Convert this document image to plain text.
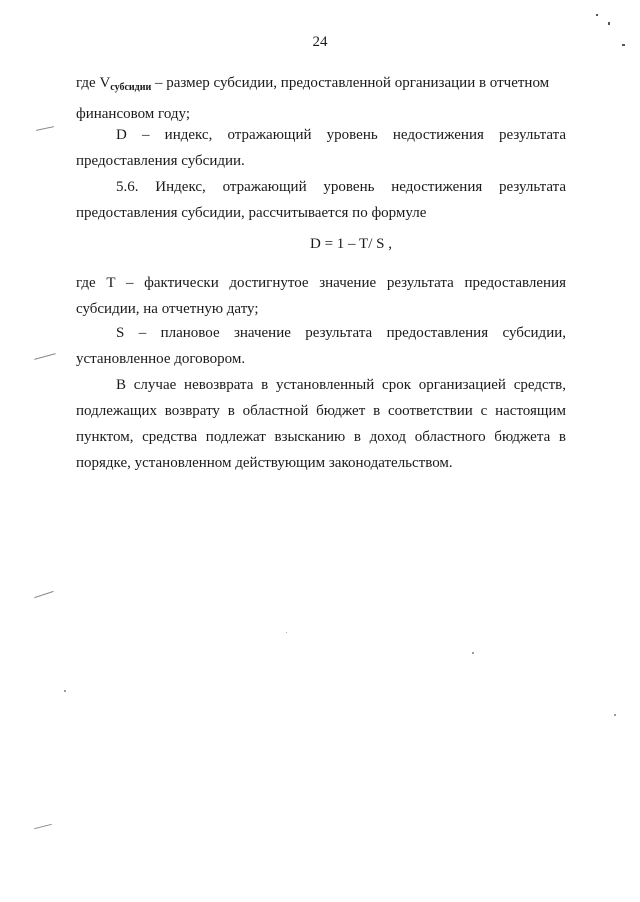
24

где $V_{субсидии}$ – размер субсидии, предоставленной организации в отчетном

финансовом году;

D – индекс, отражающий уровень недостижения результата

предоставления субсидии.

5.6. Индекс, отражающий уровень недостижения результата

предоставления субсидии, рассчитывается по формуле

D = 1 – T/ S ,

где T – фактически достигнутое значение результата предоставления

субсидии, на отчетную дату;

S – плановое значение результата предоставления субсидии,

установленное договором.

В случае невозврата в установленный срок организацией средств,

подлежащих возврату в областной бюджет в соответствии с настоящим

пунктом, средства подлежат взысканию в доход областного бюджета в

порядке, установленном действующим законодательством.
